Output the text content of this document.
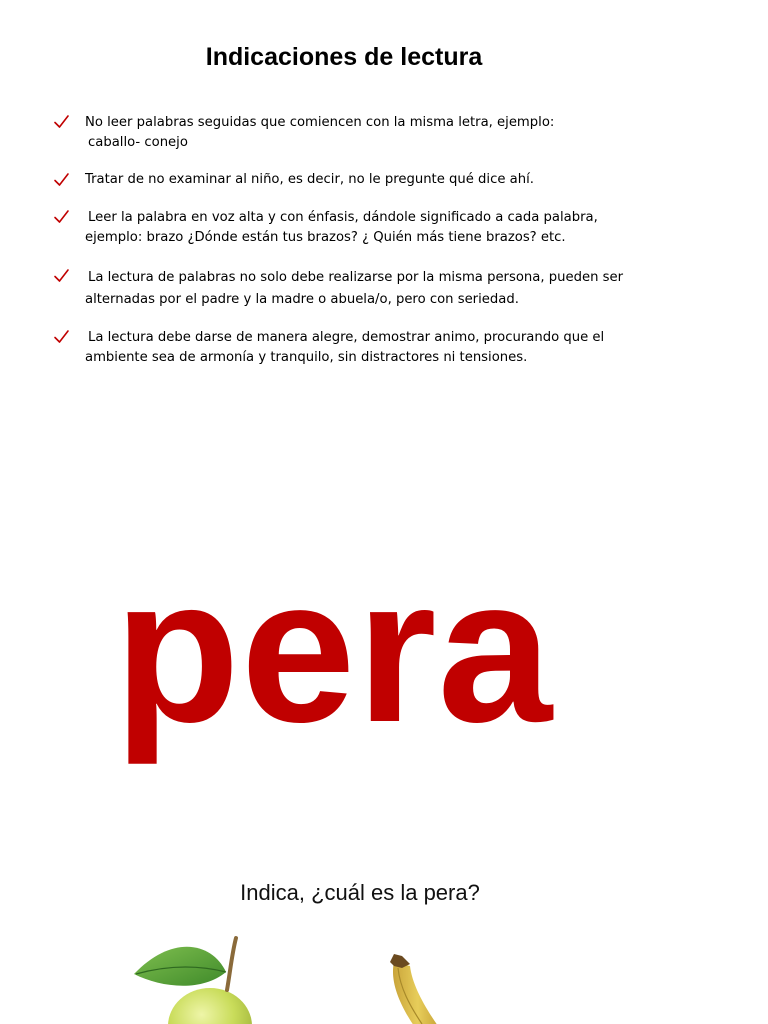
Indicaciones de lectura
No leer palabras seguidas que comiencen con la misma letra, ejemplo:
caballo- conejo
Tratar de no examinar al niño, es decir, no le pregunte qué dice ahí.
Leer la palabra en voz alta y con énfasis, dándole significado a cada palabra,
ejemplo: brazo ¿Dónde están tus brazos? ¿ Quién más tiene brazos? etc.
La lectura de palabras no solo debe realizarse por la misma persona, pueden ser
alternadas por el padre y la madre o abuela/o, pero con seriedad.
La lectura debe darse de manera alegre, demostrar animo, procurando que el
ambiente sea de armonía y tranquilo, sin distractores ni tensiones.
pera
Indica, ¿cuál es la pera?
